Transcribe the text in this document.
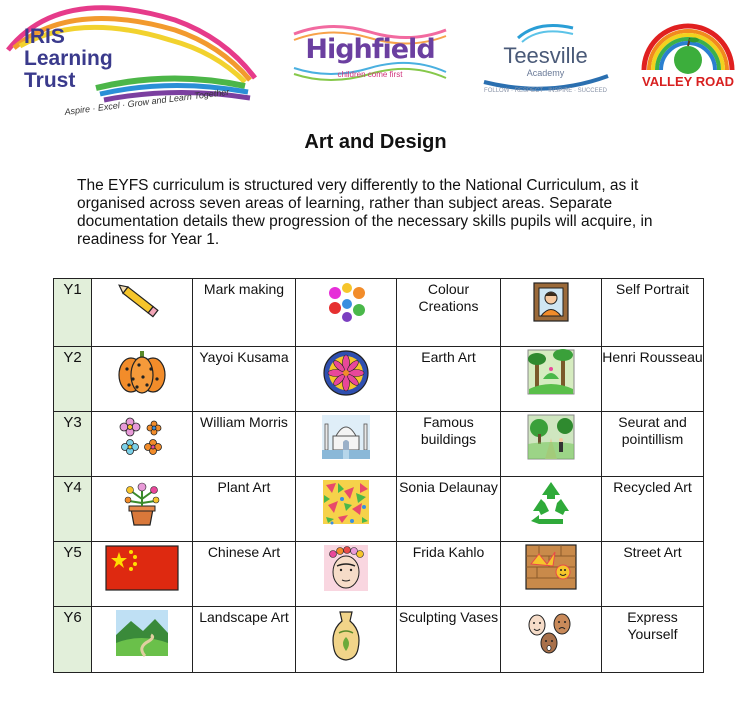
IRIS
Learning
Trust
Aspire · Excel · Grow and Learn Together
Highfield
children come first
Teesville
Academy
FOLLOW · RESPECT · INSPIRE · SUCCEED
VALLEY ROAD
Art and Design
The EYFS curriculum is structured very differently to the National Curriculum, as it organised across seven areas of learning, rather than subject areas. Separate documentation details thew progression of the necessary skills pupils will acquire, in readiness for Year 1.
Y1		Mark making		Colour Creations		Self Portrait
Y2		Yayoi Kusama		Earth Art		Henri Rousseau
Y3		William Morris		Famous buildings		Seurat and pointillism
Y4		Plant Art		Sonia Delaunay		Recycled Art
Y5		Chinese Art		Frida Kahlo		Street Art
Y6		Landscape Art		Sculpting Vases		Express Yourself
